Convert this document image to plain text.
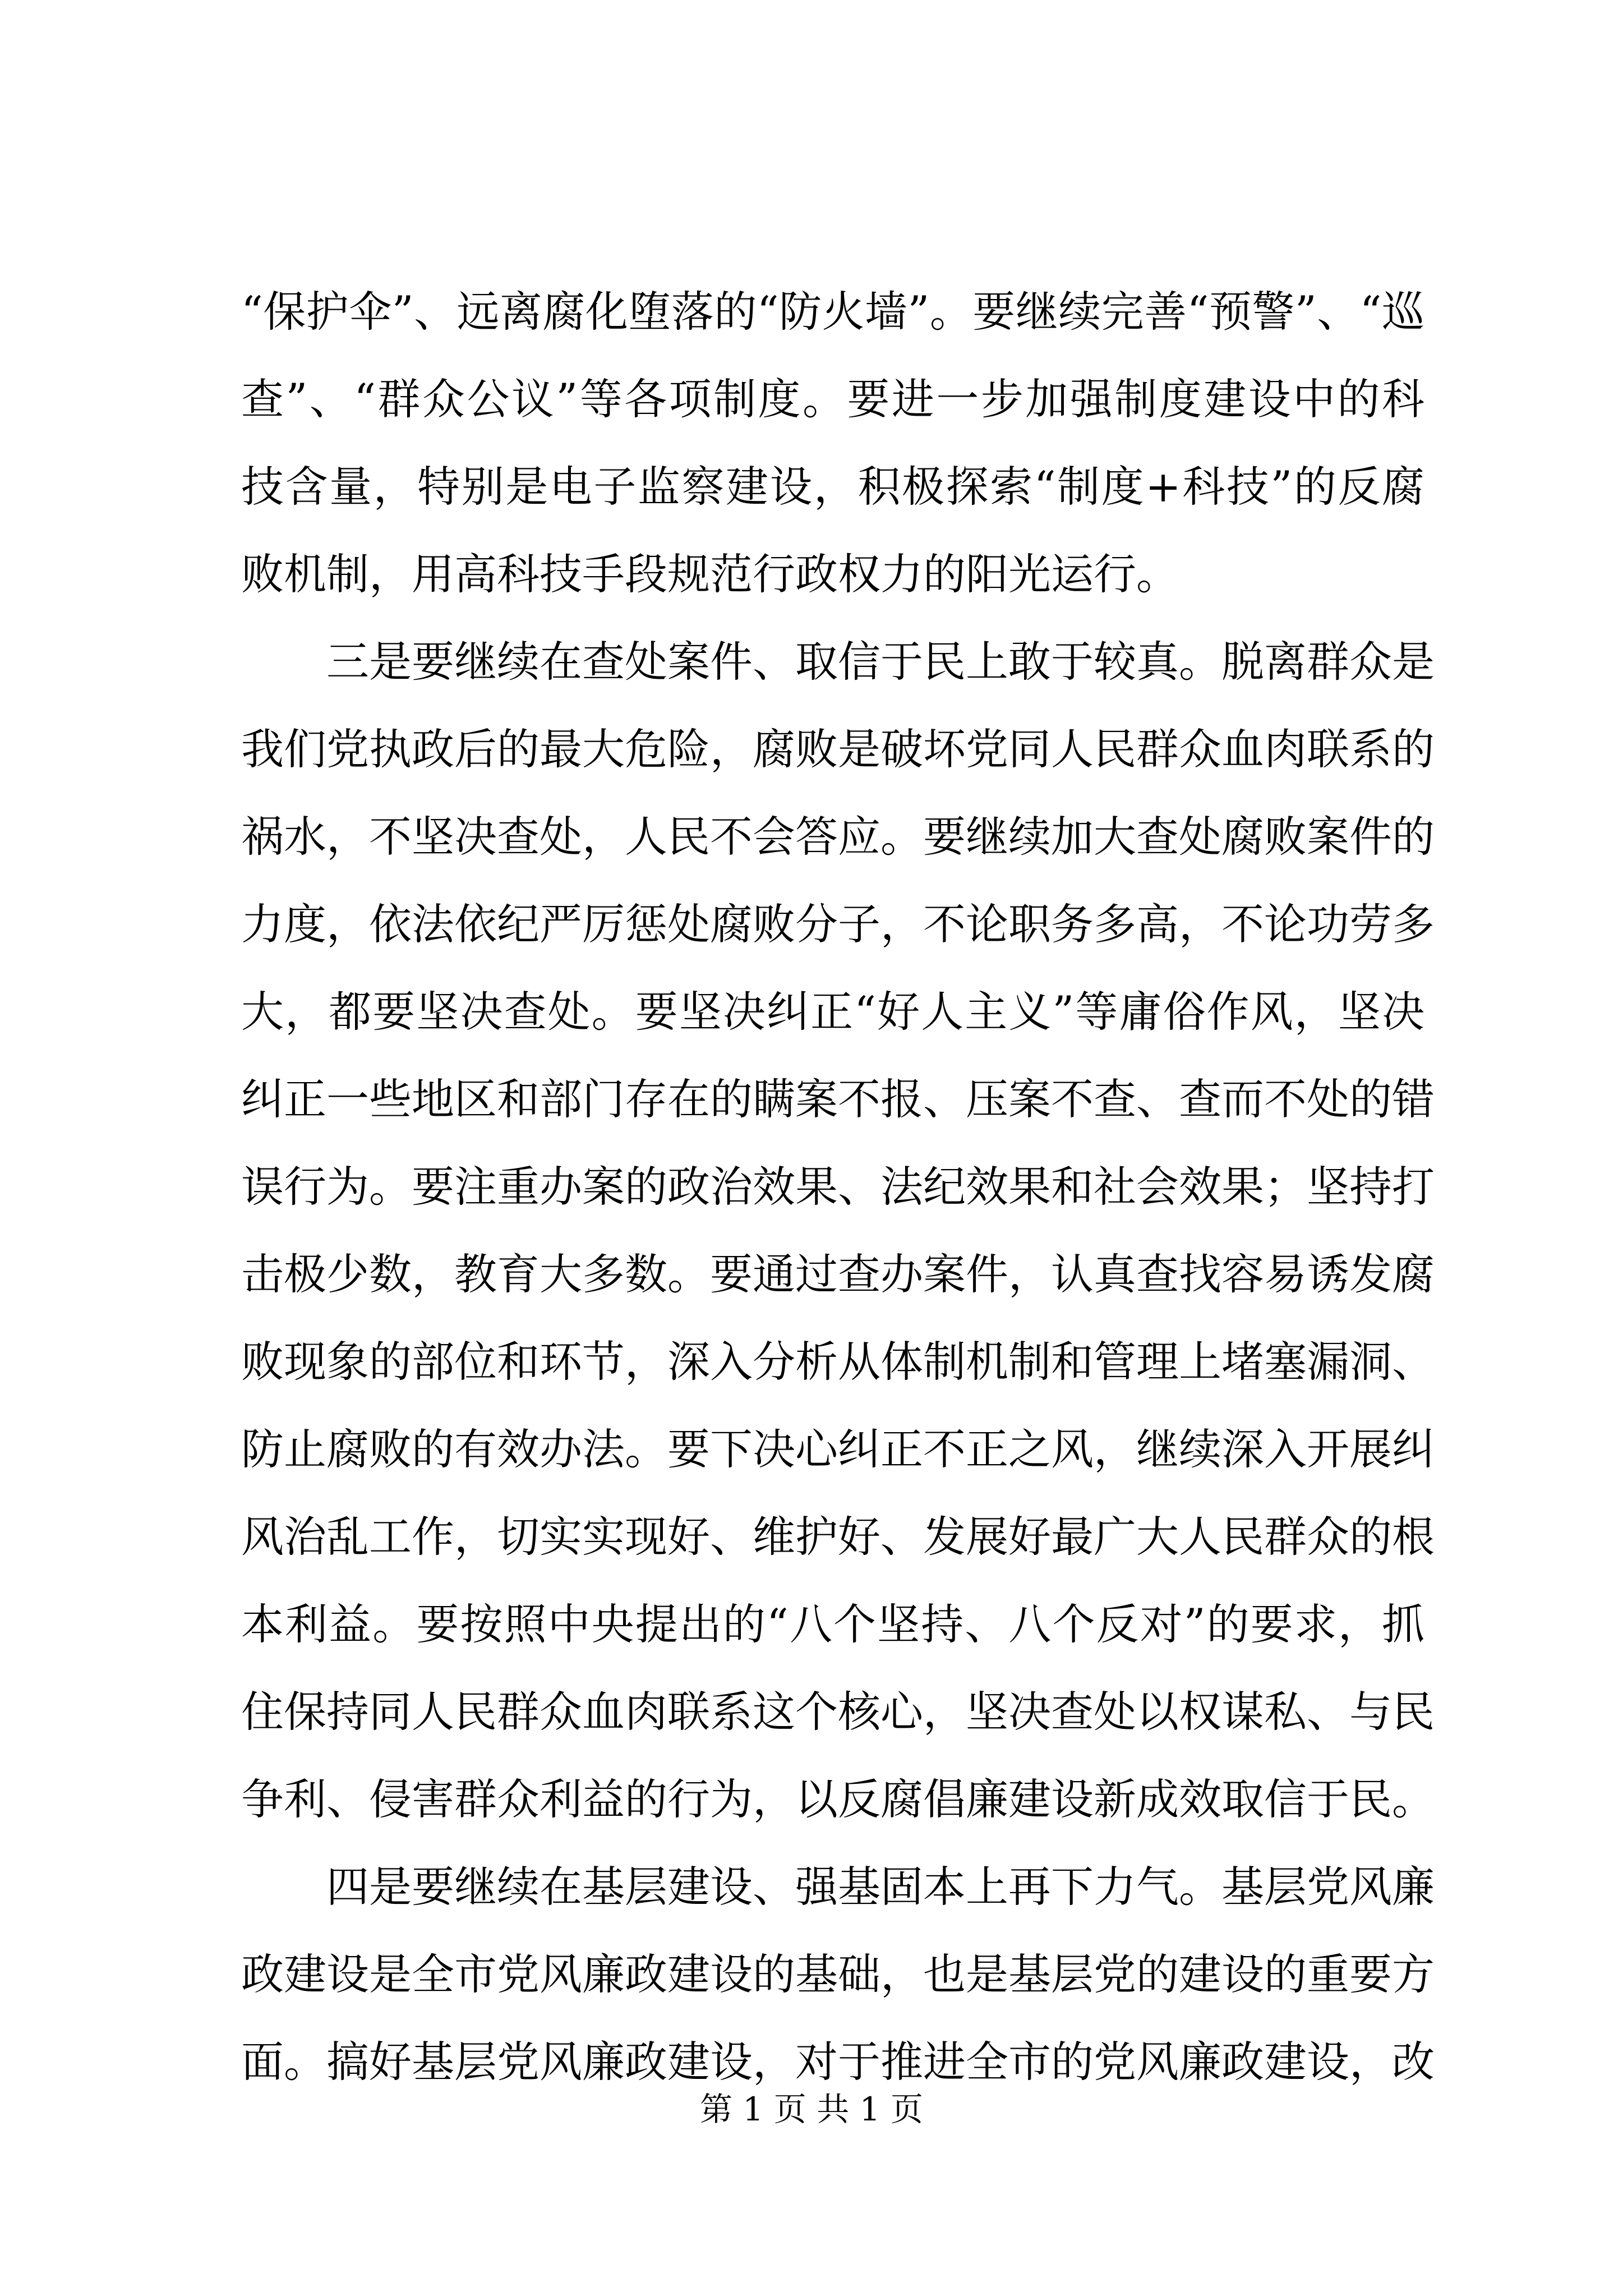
“保护伞”、远离腐化堕落的“防火墙”。要继续完善“预警”、“巡
查”、“群众公议”等各项制度。要进一步加强制度建设中的科
技含量，特别是电子监察建设，积极探索“制度+科技”的反腐
败机制，用高科技手段规范行政权力的阳光运行。
三是要继续在查处案件、取信于民上敢于较真。脱离群众是
我们党执政后的最大危险，腐败是破坏党同人民群众血肉联系的
祸水，不坚决查处，人民不会答应。要继续加大查处腐败案件的
力度，依法依纪严厉惩处腐败分子，不论职务多高，不论功劳多
大，都要坚决查处。要坚决纠正“好人主义”等庸俗作风，坚决
纠正一些地区和部门存在的瞒案不报、压案不查、查而不处的错
误行为。要注重办案的政治效果、法纪效果和社会效果；坚持打
击极少数，教育大多数。要通过查办案件，认真查找容易诱发腐
败现象的部位和环节，深入分析从体制机制和管理上堵塞漏洞、
防止腐败的有效办法。要下决心纠正不正之风，继续深入开展纠
风治乱工作，切实实现好、维护好、发展好最广大人民群众的根
本利益。要按照中央提出的“八个坚持、八个反对”的要求，抓
住保持同人民群众血肉联系这个核心，坚决查处以权谋私、与民
争利、侵害群众利益的行为，以反腐倡廉建设新成效取信于民。
四是要继续在基层建设、强基固本上再下力气。基层党风廉
政建设是全市党风廉政建设的基础，也是基层党的建设的重要方
面。搞好基层党风廉政建设，对于推进全市的党风廉政建设，改
第 1 页 共 1 页
